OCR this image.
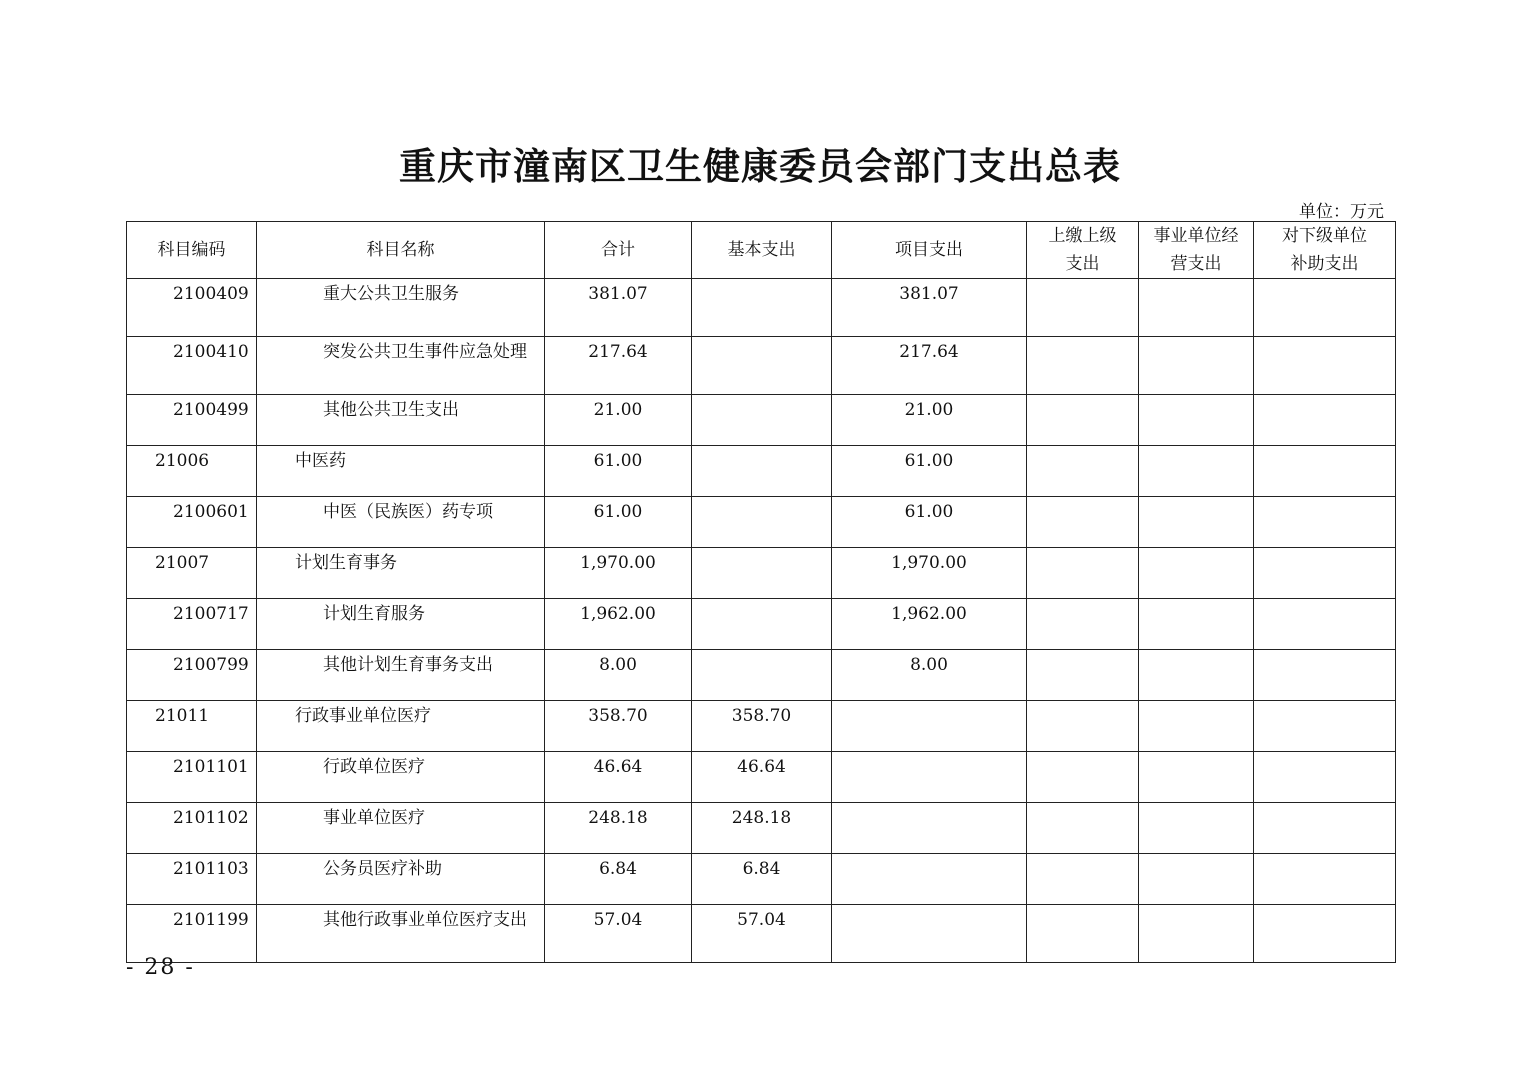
重庆市潼南区卫生健康委员会部门支出总表
单位：万元
科目编码	科目名称	合计	基本支出	项目支出	上缴上级支出	事业单位经营支出	对下级单位补助支出
2100409	重大公共卫生服务	381.07		381.07			
2100410	突发公共卫生事件应急处理	217.64		217.64			
2100499	其他公共卫生支出	21.00		21.00			
21006	中医药	61.00		61.00			
2100601	中医（民族医）药专项	61.00		61.00			
21007	计划生育事务	1,970.00		1,970.00			
2100717	计划生育服务	1,962.00		1,962.00			
2100799	其他计划生育事务支出	8.00		8.00			
21011	行政事业单位医疗	358.70	358.70				
2101101	行政单位医疗	46.64	46.64				
2101102	事业单位医疗	248.18	248.18				
2101103	公务员医疗补助	6.84	6.84				
2101199	其他行政事业单位医疗支出	57.04	57.04				
- 28 -
